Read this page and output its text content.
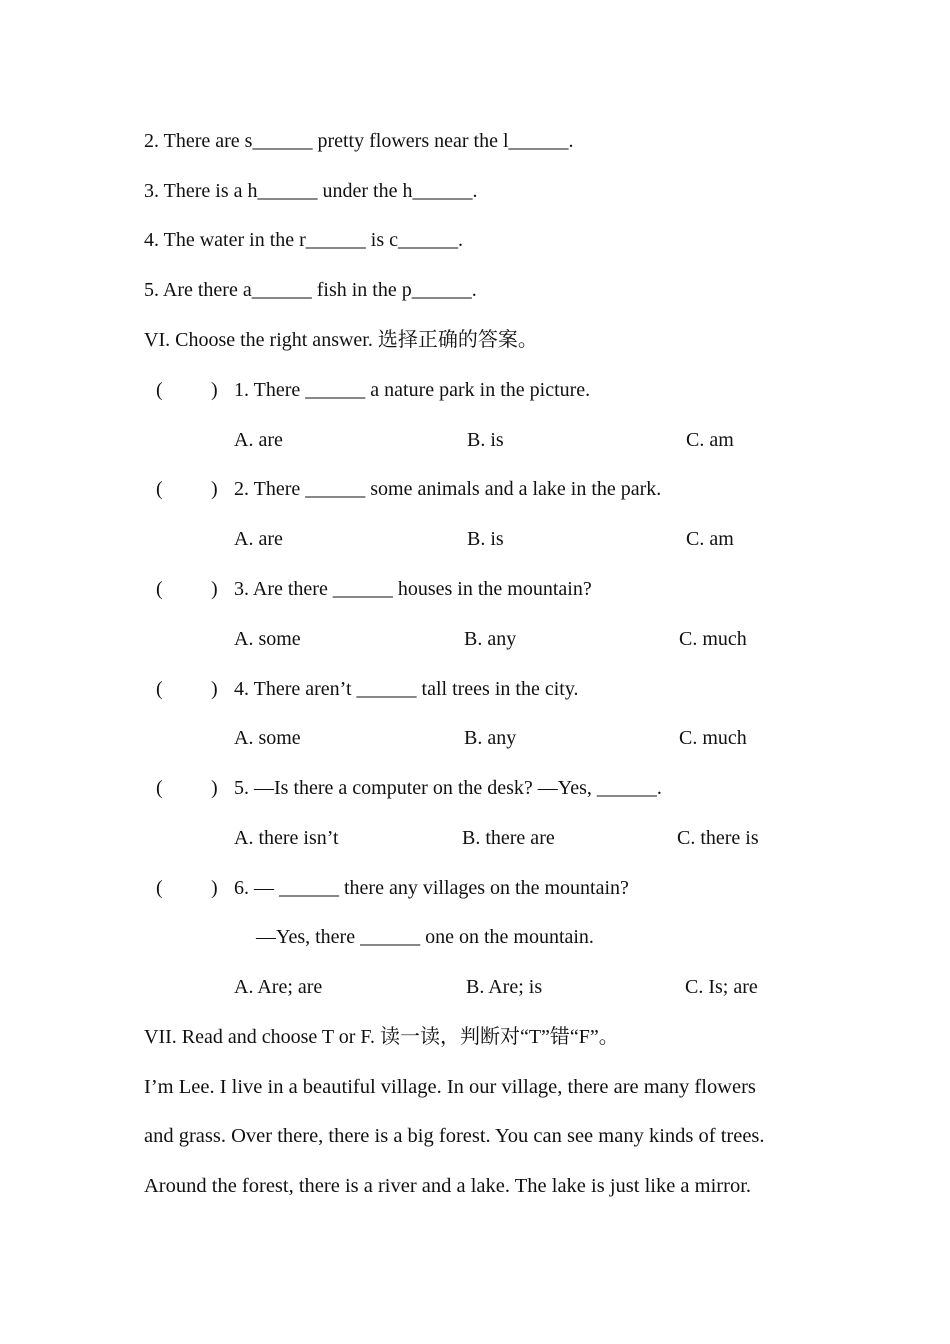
2. There are s______ pretty flowers near the l______.
3. There is a h______ under the h______.
4. The water in the r______ is c______.
5. Are there a______ fish in the p______.
VI. Choose the right answer. 选择正确的答案。
( ) 1. There ______ a nature park in the picture.
A. are	B. is	C. am
( ) 2. There ______ some animals and a lake in the park.
A. are	B. is	C. am
( ) 3. Are there ______ houses in the mountain?
A. some	B. any	C. much
( ) 4. There aren’t ______ tall trees in the city.
A. some	B. any	C. much
( ) 5. —Is there a computer on the desk? —Yes, ______.
A. there isn’t	B. there are	C. there is
( ) 6. — ______ there any villages on the mountain?
—Yes, there ______ one on the mountain.
A. Are; are	B. Are; is	C. Is; are
VII. Read and choose T or F. 读一读，判断对“T”错“F”。
I’m Lee. I live in a beautiful village. In our village, there are many flowers
and grass. Over there, there is a big forest. You can see many kinds of trees.
Around the forest, there is a river and a lake. The lake is just like a mirror.
